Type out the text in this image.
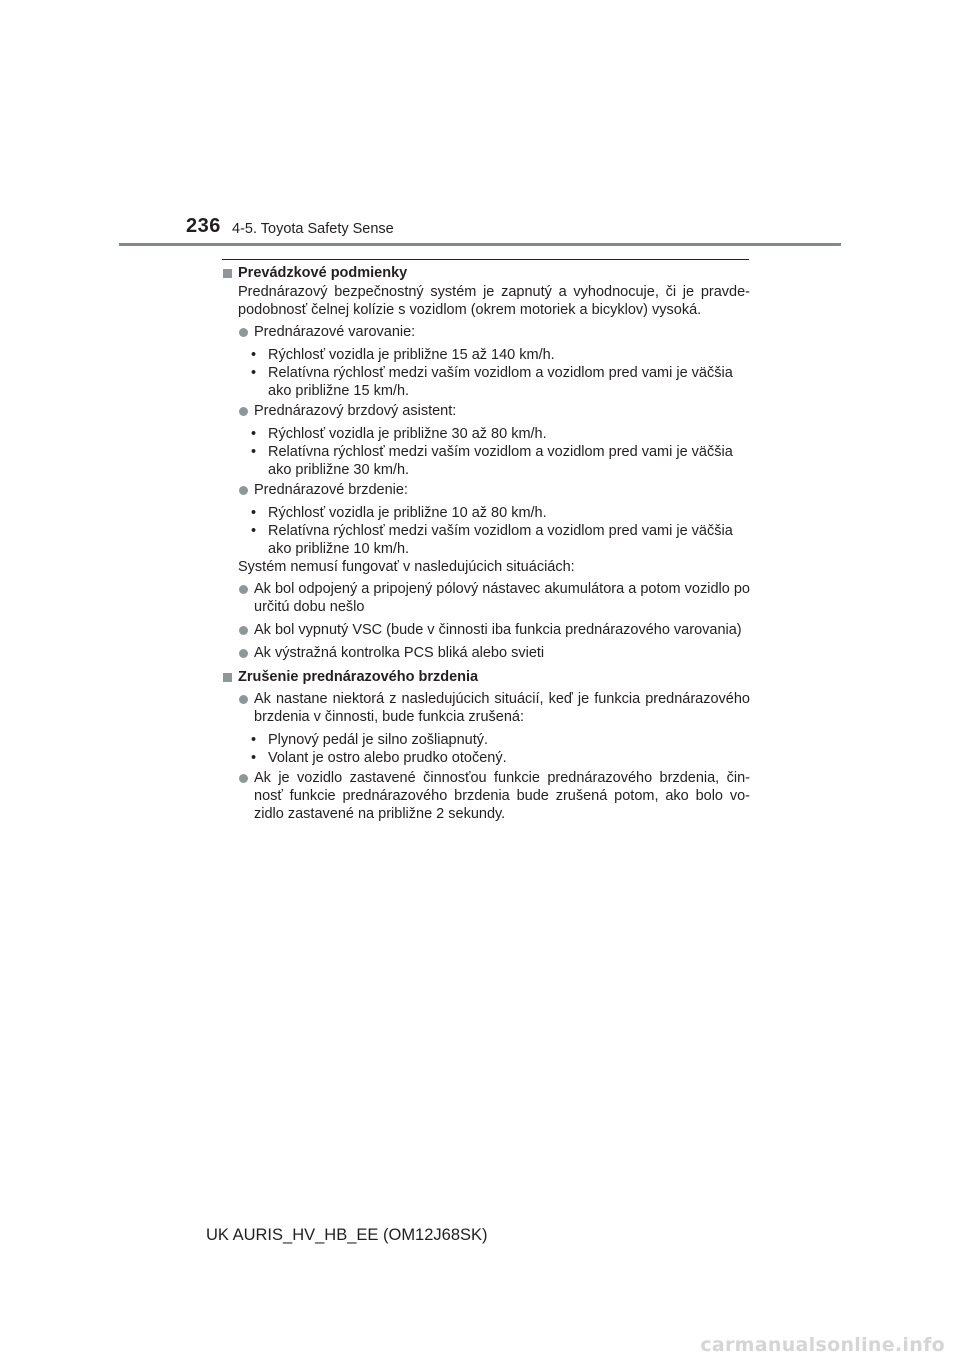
236 4-5. Toyota Safety Sense
Prevádzkové podmienky
Prednárazový bezpečnostný systém je zapnutý a vyhodnocuje, či je pravde-podobnosť čelnej kolízie s vozidlom (okrem motoriek a bicyklov) vysoká.
Prednárazové varovanie:
• Rýchlosť vozidla je približne 15 až 140 km/h.
• Relatívna rýchlosť medzi vaším vozidlom a vozidlom pred vami je väčšia ako približne 15 km/h.
Prednárazový brzdový asistent:
• Rýchlosť vozidla je približne 30 až 80 km/h.
• Relatívna rýchlosť medzi vaším vozidlom a vozidlom pred vami je väčšia ako približne 30 km/h.
Prednárazové brzdenie:
• Rýchlosť vozidla je približne 10 až 80 km/h.
• Relatívna rýchlosť medzi vaším vozidlom a vozidlom pred vami je väčšia ako približne 10 km/h.
Systém nemusí fungovať v nasledujúcich situáciách:
Ak bol odpojený a pripojený pólový nástavec akumulátora a potom vozidlo po určitú dobu nešlo
Ak bol vypnutý VSC (bude v činnosti iba funkcia prednárazového varovania)
Ak výstražná kontrolka PCS bliká alebo svieti
Zrušenie prednárazového brzdenia
Ak nastane niektorá z nasledujúcich situácií, keď je funkcia prednárazového brzdenia v činnosti, bude funkcia zrušená:
• Plynový pedál je silno zošliapnutý.
• Volant je ostro alebo prudko otočený.
Ak je vozidlo zastavené činnosťou funkcie prednárazového brzdenia, čin-nosť funkcie prednárazového brzdenia bude zrušená potom, ako bolo vo-zidlo zastavené na približne 2 sekundy.
UK AURIS_HV_HB_EE (OM12J68SK)
carmanualsonline.info
